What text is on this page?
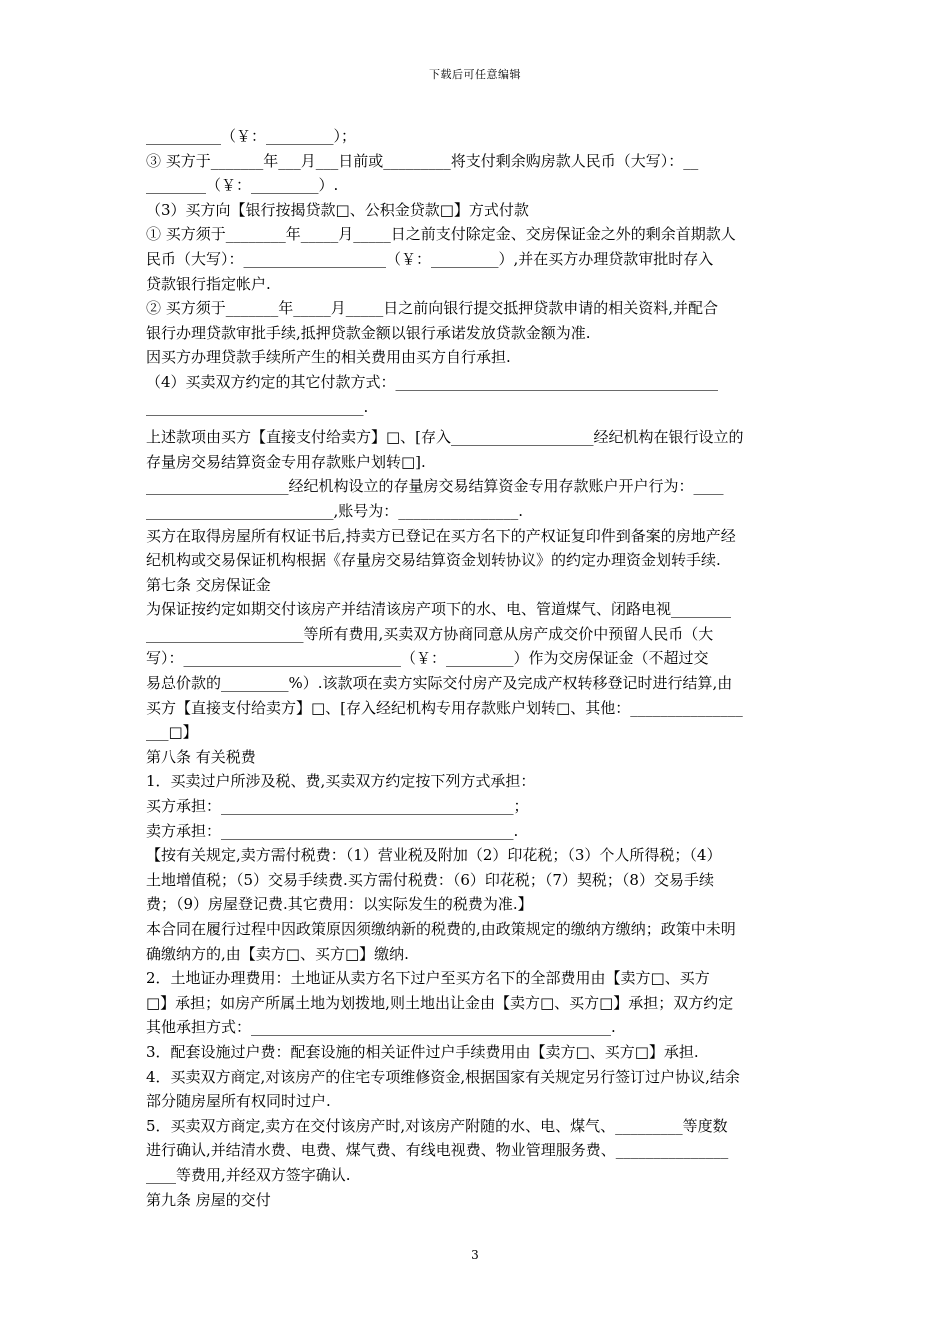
下载后可任意编辑
__________（￥：_________）；
③ 买方于_______年___月___日前或_________将支付剩余购房款人民币（大写）：__
________（￥：_________）.
（3）买方向【银行按揭贷款□、公积金贷款□】方式付款
① 买方须于________年_____月_____日之前支付除定金、交房保证金之外的剩余首期款人
民币（大写）：___________________（￥：_________）,并在买方办理贷款审批时存入
贷款银行指定帐户.
② 买方须于_______年_____月_____日之前向银行提交抵押贷款申请的相关资料,并配合
银行办理贷款审批手续,抵押贷款金额以银行承诺发放贷款金额为准.
因买方办理贷款手续所产生的相关费用由买方自行承担.
（4）买卖双方约定的其它付款方式：___________________________________________
_____________________________.
上述款项由买方【直接支付给卖方】□、[存入___________________经纪机构在银行设立的
存量房交易结算资金专用存款账户划转□].
___________________经纪机构设立的存量房交易结算资金专用存款账户开户行为：____
_________________________,账号为：________________.
买方在取得房屋所有权证书后,持卖方已登记在买方名下的产权证复印件到备案的房地产经
纪机构或交易保证机构根据《存量房交易结算资金划转协议》的约定办理资金划转手续.
第七条 交房保证金
为保证按约定如期交付该房产并结清该房产项下的水、电、管道煤气、闭路电视________
_____________________等所有费用,买卖双方协商同意从房产成交价中预留人民币（大
写）：_____________________________（￥：_________）作为交房保证金（不超过交
易总价款的_________%）.该款项在卖方实际交付房产及完成产权转移登记时进行结算,由
买方【直接支付给卖方】□、[存入经纪机构专用存款账户划转□、其他：_______________
___□】
第八条 有关税费
1．买卖过户所涉及税、费,买卖双方约定按下列方式承担：
买方承担：_______________________________________；
卖方承担：_______________________________________.
【按有关规定,卖方需付税费：（1）营业税及附加（2）印花税；（3）个人所得税；（4）
土地增值税；（5）交易手续费.买方需付税费：（6）印花税；（7）契税；（8）交易手续
费；（9）房屋登记费.其它费用：以实际发生的税费为准.】
本合同在履行过程中因政策原因须缴纳新的税费的,由政策规定的缴纳方缴纳；政策中未明
确缴纳方的,由【卖方□、买方□】缴纳.
2．土地证办理费用：土地证从卖方名下过户至买方名下的全部费用由【卖方□、买方
□】承担；如房产所属土地为划拨地,则土地出让金由【卖方□、买方□】承担；双方约定
其他承担方式：________________________________________________.
3．配套设施过户费：配套设施的相关证件过户手续费用由【卖方□、买方□】承担.
4．买卖双方商定,对该房产的住宅专项维修资金,根据国家有关规定另行签订过户协议,结余
部分随房屋所有权同时过户.
5．买卖双方商定,卖方在交付该房产时,对该房产附随的水、电、煤气、_________等度数
进行确认,并结清水费、电费、煤气费、有线电视费、物业管理服务费、_______________
____等费用,并经双方签字确认.
第九条 房屋的交付
3
